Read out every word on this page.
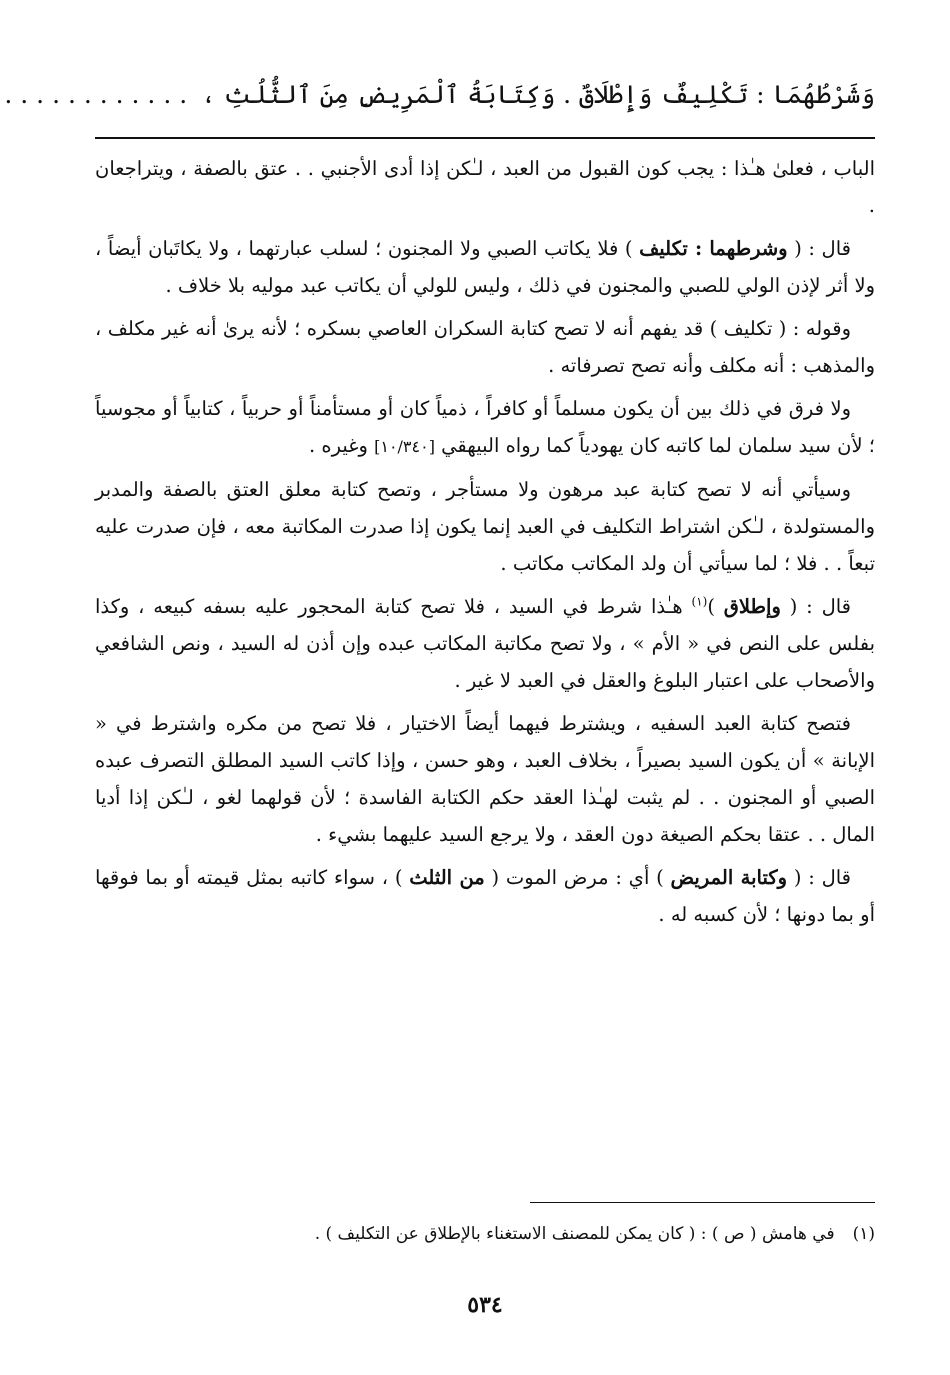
وَشَرْطُهُمَا : تَكْلِيفٌ وَإِطْلَاقٌ . وَكِتَابَةُ ٱلْمَرِيضِ مِنَ ٱلثُّلُثِ ،. . . . . . . . . . . .

الباب ، فعلىٰ هـٰذا : يجب كون القبول من العبد ، لـٰكن إذا أدى الأجنبي . . عتق بالصفة ، ويتراجعان .

قال : ( وشرطهما : تكليف ) فلا يكاتب الصبي ولا المجنون ؛ لسلب عبارتهما ، ولا يكاتَبان أيضاً ، ولا أثر لإذن الولي للصبي والمجنون في ذلك ، وليس للولي أن يكاتب عبد موليه بلا خلاف .

وقوله : ( تكليف ) قد يفهم أنه لا تصح كتابة السكران العاصي بسكره ؛ لأنه يرىٰ أنه غير مكلف ، والمذهب : أنه مكلف وأنه تصح تصرفاته .

ولا فرق في ذلك بين أن يكون مسلماً أو كافراً ، ذمياً كان أو مستأمناً أو حربياً ، كتابياً أو مجوسياً ؛ لأن سيد سلمان لما كاتبه كان يهودياً كما رواه البيهقي [١٠/٣٤٠] وغيره .

وسيأتي أنه لا تصح كتابة عبد مرهون ولا مستأجر ، وتصح كتابة معلق العتق بالصفة والمدبر والمستولدة ، لـٰكن اشتراط التكليف في العبد إنما يكون إذا صدرت المكاتبة معه ، فإن صدرت عليه تبعاً . . فلا ؛ لما سيأتي أن ولد المكاتب مكاتب .

قال : ( وإطلاق )$^{(١)}$ هـٰذا شرط في السيد ، فلا تصح كتابة المحجور عليه بسفه كبيعه ، وكذا بفلس على النص في « الأم » ، ولا تصح مكاتبة المكاتب عبده وإن أذن له السيد ، ونص الشافعي والأصحاب على اعتبار البلوغ والعقل في العبد لا غير .

فتصح كتابة العبد السفيه ، ويشترط فيهما أيضاً الاختيار ، فلا تصح من مكره واشترط في « الإبانة » أن يكون السيد بصيراً ، بخلاف العبد ، وهو حسن ، وإذا كاتب السيد المطلق التصرف عبده الصبي أو المجنون . . لم يثبت لهـٰذا العقد حكم الكتابة الفاسدة ؛ لأن قولهما لغو ، لـٰكن إذا أديا المال . . عتقا بحكم الصيغة دون العقد ، ولا يرجع السيد عليهما بشيء .

قال : ( وكتابة المريض ) أي : مرض الموت ( من الثلث ) ، سواء كاتبه بمثل قيمته أو بما فوقها أو بما دونها ؛ لأن كسبه له .

(١)في هامش ( ص ) : ( كان يمكن للمصنف الاستغناء بالإطلاق عن التكليف ) .
٥٣٤
